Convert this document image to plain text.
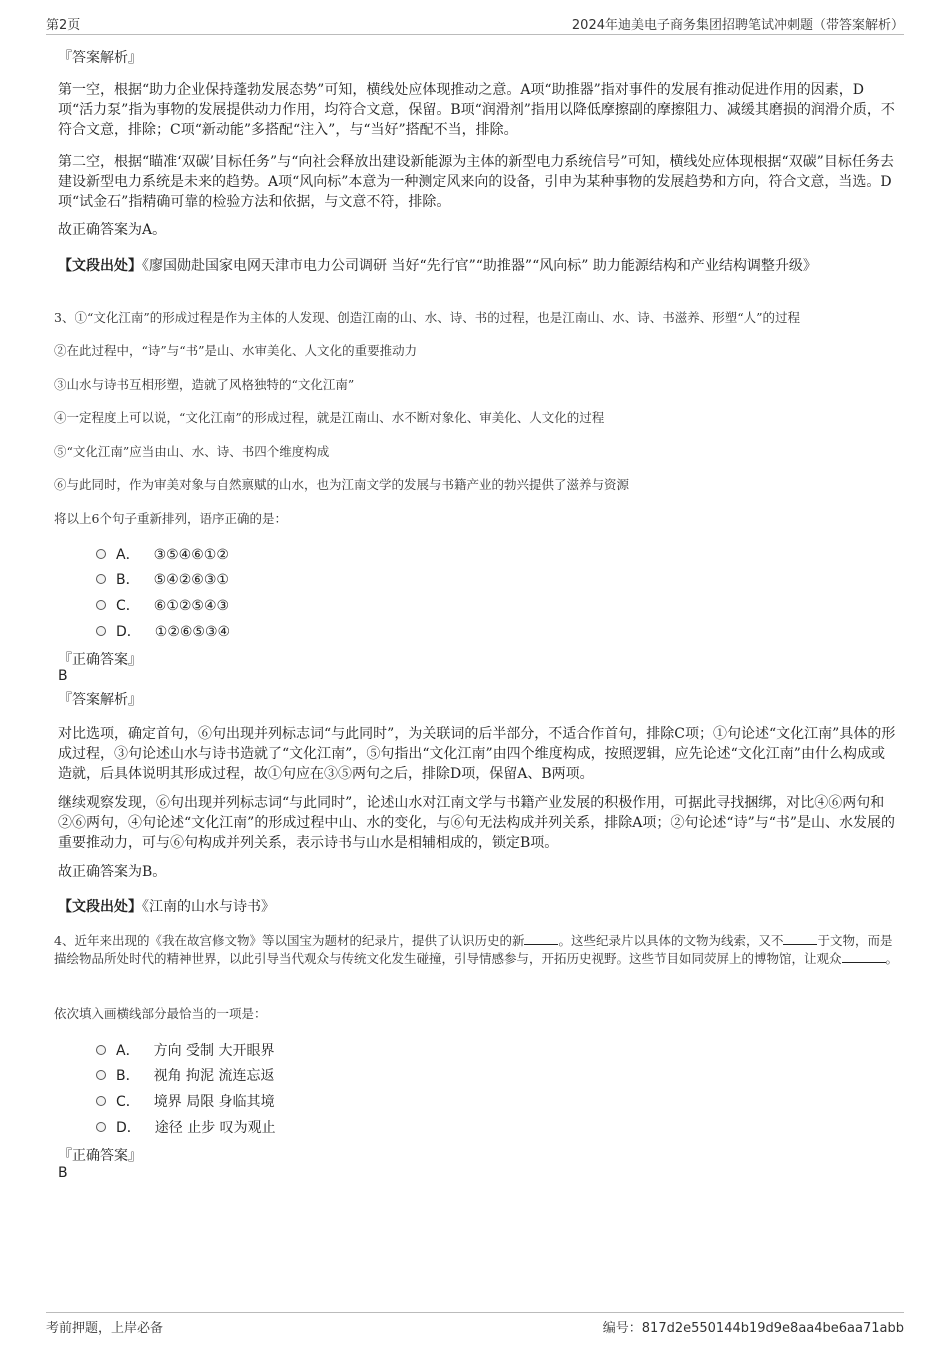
第2页	2024年迪美电子商务集团招聘笔试冲刺题（带答案解析）
『答案解析』
第一空，根据“助力企业保持蓬勃发展态势”可知，横线处应体现推动之意。A项“助推器”指对事件的发展有推动促进作用的因素，D项“活力泵”指为事物的发展提供动力作用，均符合文意，保留。B项“润滑剂”指用以降低摩擦副的摩擦阻力、减缓其磨损的润滑介质，不符合文意，排除；C项“新动能”多搭配“注入”，与“当好”搭配不当，排除。
第二空，根据“瞄准‘双碳’目标任务”与“向社会释放出建设新能源为主体的新型电力系统信号”可知，横线处应体现根据“双碳”目标任务去建设新型电力系统是未来的趋势。A项“风向标”本意为一种测定风来向的设备，引申为某种事物的发展趋势和方向，符合文意，当选。D项“试金石”指精确可靠的检验方法和依据，与文意不符，排除。
故正确答案为A。
【文段出处】《廖国勋赴国家电网天津市电力公司调研 当好“先行官”“助推器”“风向标” 助力能源结构和产业结构调整升级》
3、①“文化江南”的形成过程是作为主体的人发现、创造江南的山、水、诗、书的过程，也是江南山、水、诗、书滋养、形塑“人”的过程
②在此过程中，“诗”与“书”是山、水审美化、人文化的重要推动力
③山水与诗书互相形塑，造就了风格独特的“文化江南”
④一定程度上可以说，“文化江南”的形成过程，就是江南山、水不断对象化、审美化、人文化的过程
⑤“文化江南”应当由山、水、诗、书四个维度构成
⑥与此同时，作为审美对象与自然禀赋的山水，也为江南文学的发展与书籍产业的勃兴提供了滋养与资源
将以上6个句子重新排列，语序正确的是：
A． ③⑤④⑥①②
B． ⑤④②⑥③①
C． ⑥①②⑤④③
D． ①②⑥⑤③④
『正确答案』
B
『答案解析』
对比选项，确定首句，⑥句出现并列标志词“与此同时”，为关联词的后半部分，不适合作首句，排除C项；①句论述“文化江南”具体的形成过程，③句论述山水与诗书造就了“文化江南”，⑤句指出“文化江南”由四个维度构成，按照逻辑，应先论述“文化江南”由什么构成或造就，后具体说明其形成过程，故①句应在③⑤两句之后，排除D项，保留A、B两项。
继续观察发现，⑥句出现并列标志词“与此同时”，论述山水对江南文学与书籍产业发展的积极作用，可据此寻找捆绑，对比④⑥两句和②⑥两句，④句论述“文化江南”的形成过程中山、水的变化，与⑥句无法构成并列关系，排除A项；②句论述“诗”与“书”是山、水发展的重要推动力，可与⑥句构成并列关系，表示诗书与山水是相辅相成的，锁定B项。
故正确答案为B。
【文段出处】《江南的山水与诗书》
4、近年来出现的《我在故宫修文物》等以国宝为题材的纪录片，提供了认识历史的新	。这些纪录片以具体的文物为线索，又不	于文物，而是描绘物品所处时代的精神世界，以此引导当代观众与传统文化发生碰撞，引导情感参与，开拓历史视野。这些节目如同荧屏上的博物馆，让观众	。
依次填入画横线部分最恰当的一项是：
A． 方向 受制 大开眼界
B． 视角 拘泥 流连忘返
C． 境界 局限 身临其境
D． 途径 止步 叹为观止
『正确答案』
B
考前押题，上岸必备	编号：817d2e550144b19d9e8aa4be6aa71abb
